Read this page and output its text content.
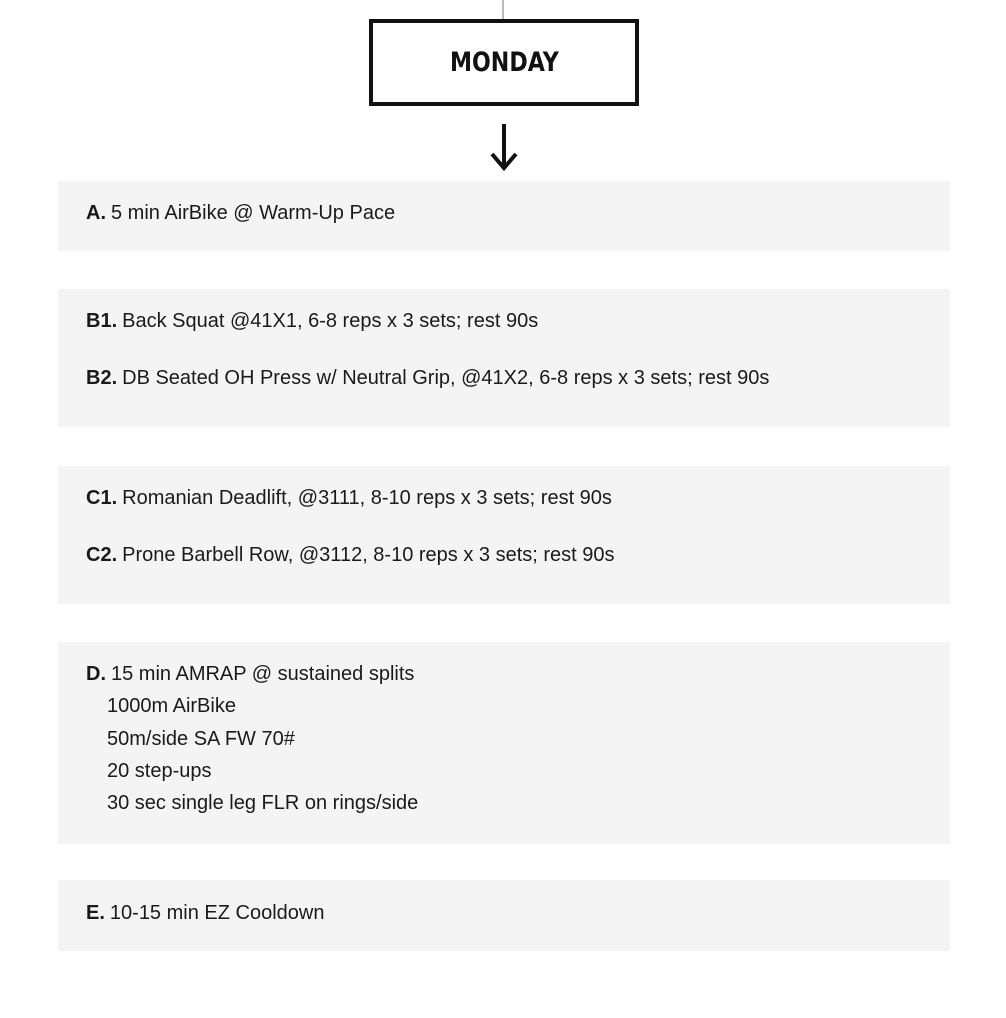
MONDAY
A. 5 min AirBike @ Warm-Up Pace
B1. Back Squat @41X1, 6-8 reps x 3 sets; rest 90s
B2. DB Seated OH Press w/ Neutral Grip, @41X2, 6-8 reps x 3 sets; rest 90s
C1. Romanian Deadlift, @3111, 8-10 reps x 3 sets; rest 90s
C2. Prone Barbell Row, @3112, 8-10 reps x 3 sets; rest 90s
D. 15 min AMRAP @ sustained splits
1000m AirBike
50m/side SA FW 70#
20 step-ups
30 sec single leg FLR on rings/side
E. 10-15 min EZ Cooldown
